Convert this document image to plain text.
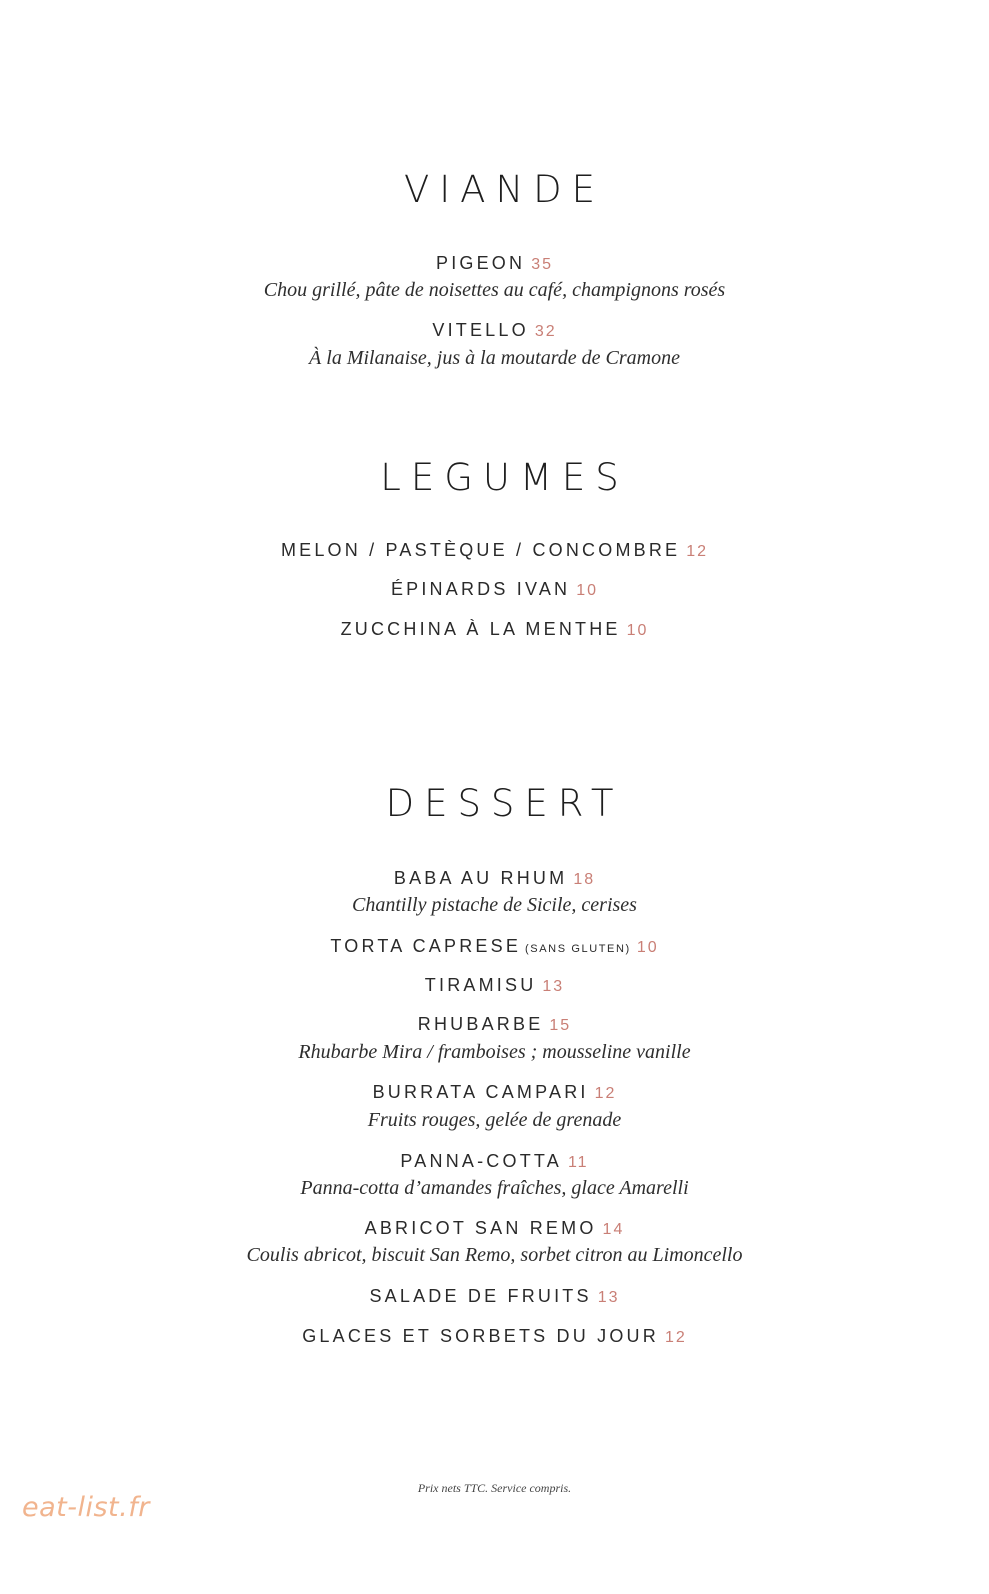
VIANDE
PIGEON 35
Chou grillé, pâte de noisettes au café, champignons rosés
VITELLO 32
À la Milanaise, jus à la moutarde de Cramone
LEGUMES
MELON / PASTÈQUE / CONCOMBRE 12
ÉPINARDS IVAN 10
ZUCCHINA À LA MENTHE 10
DESSERT
BABA AU RHUM 18
Chantilly pistache de Sicile, cerises
TORTA CAPRESE (SANS GLUTEN) 10
TIRAMISU 13
RHUBARBE 15
Rhubarbe Mira / framboises ; mousseline vanille
BURRATA CAMPARI 12
Fruits rouges, gelée de grenade
PANNA-COTTA 11
Panna-cotta d’amandes fraîches, glace Amarelli
ABRICOT SAN REMO 14
Coulis abricot, biscuit San Remo, sorbet citron au Limoncello
SALADE DE FRUITS 13
GLACES ET SORBETS DU JOUR 12
Prix nets TTC. Service compris.
eat-list.fr
